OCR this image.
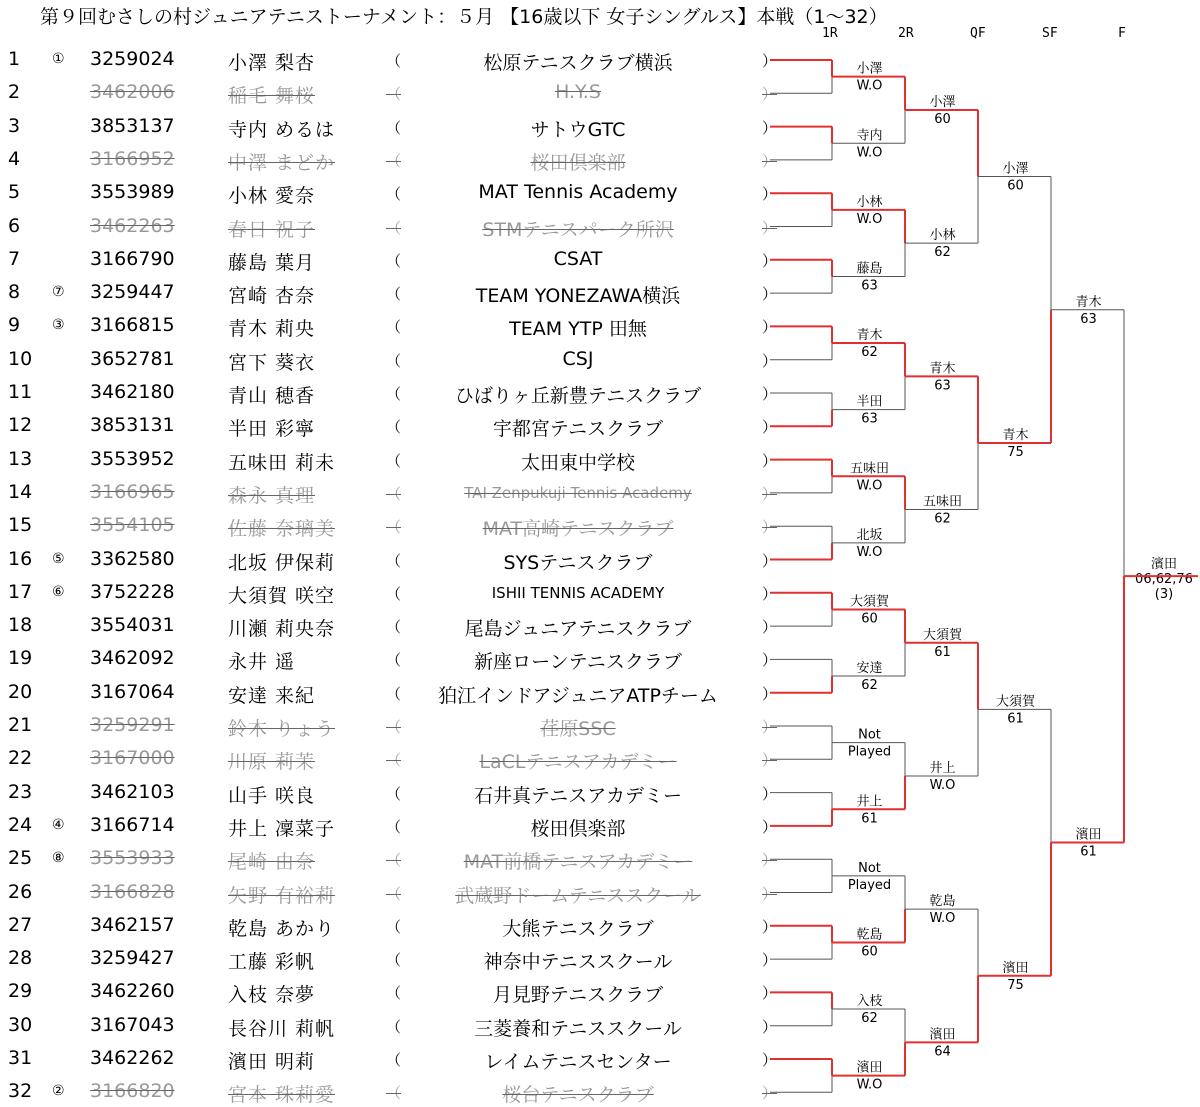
第９回むさしの村ジュニアテニストーナメント：５月 【16歳以下 女子シングルス】本戦（1〜32）
1R	2R	QF	SF	F
1 ① 3259024	小澤 梨杏	（	松原テニスクラブ横浜	）
2	3462006	稲毛 舞桜	（	H.Y.S	）
3	3853137	寺内 めるは	（	サトウGTC	）
4	3166952	中澤 まどか	（	桜田倶楽部	）
5	3553989	小林 愛奈	（	MAT Tennis Academy	）
6	3462263	春日 祝子	（	STMテニスパーク所沢	）
7	3166790	藤島 葉月	（	CSAT	）
8 ⑦ 3259447	宮崎 杏奈	（	TEAM YONEZAWA横浜	）
9 ③ 3166815	青木 莉央	（	TEAM YTP 田無	）
10	3652781	宮下 葵衣	（	CSJ	）
11	3462180	青山 穂香	（	ひばりヶ丘新豊テニスクラブ	）
12	3853131	半田 彩寧	（	宇都宮テニスクラブ	）
13	3553952	五味田 莉未	（	太田東中学校	）
14	3166965	森永 真理	（	TAI Zenpukuji Tennis Academy	）
15	3554105	佐藤 奈璃美	（	MAT高崎テニスクラブ	）
16 ⑤ 3362580	北坂 伊保莉	（	SYSテニスクラブ	）
17 ⑥ 3752228	大須賀 咲空	（	ISHII TENNIS ACADEMY	）
18	3554031	川瀬 莉央奈	（	尾島ジュニアテニスクラブ	）
19	3462092	永井 遥	（	新座ローンテニスクラブ	）
20	3167064	安達 来紀	（	狛江インドアジュニアATPチーム	）
21	3259291	鈴木 りょう	（	荏原SSC	）
22	3167000	川原 莉茉	（	LaCLテニスアカデミー	）
23	3462103	山手 咲良	（	石井真テニスアカデミー	）
24 ④ 3166714	井上 凜菜子	（	桜田倶楽部	）
25 ⑧ 3553933	尾崎 由奈	（	MAT前橋テニスアカデミー	）
26	3166828	矢野 有裕莉	（	武蔵野ドームテニススクール	）
27	3462157	乾島 あかり	（	大熊テニスクラブ	）
28	3259427	工藤 彩帆	（	神奈中テニススクール	）
29	3462260	入枝 奈夢	（	月見野テニスクラブ	）
30	3167043	長谷川 莉帆	（	三菱養和テニススクール	）
31	3462262	濱田 明莉	（	レイムテニスセンター	）
32 ② 3166820	宮本 珠莉愛	（	桜台テニスクラブ	）
小澤
W.O
寺内
W.O
小林
W.O
藤島
63
青木
62
半田
63
五味田
W.O
北坂
W.O
大須賀
60
安達
62
Not
Played
井上
61
Not
Played
乾島
60
入枝
62
濱田
W.O
小澤
60
小林
62
青木
63
五味田
62
大須賀
61
井上
W.O
乾島
W.O
濱田
64
小澤
60
青木
75
大須賀
61
濱田
75
青木
63
濱田
61
濱田
06,62,76
(3)
